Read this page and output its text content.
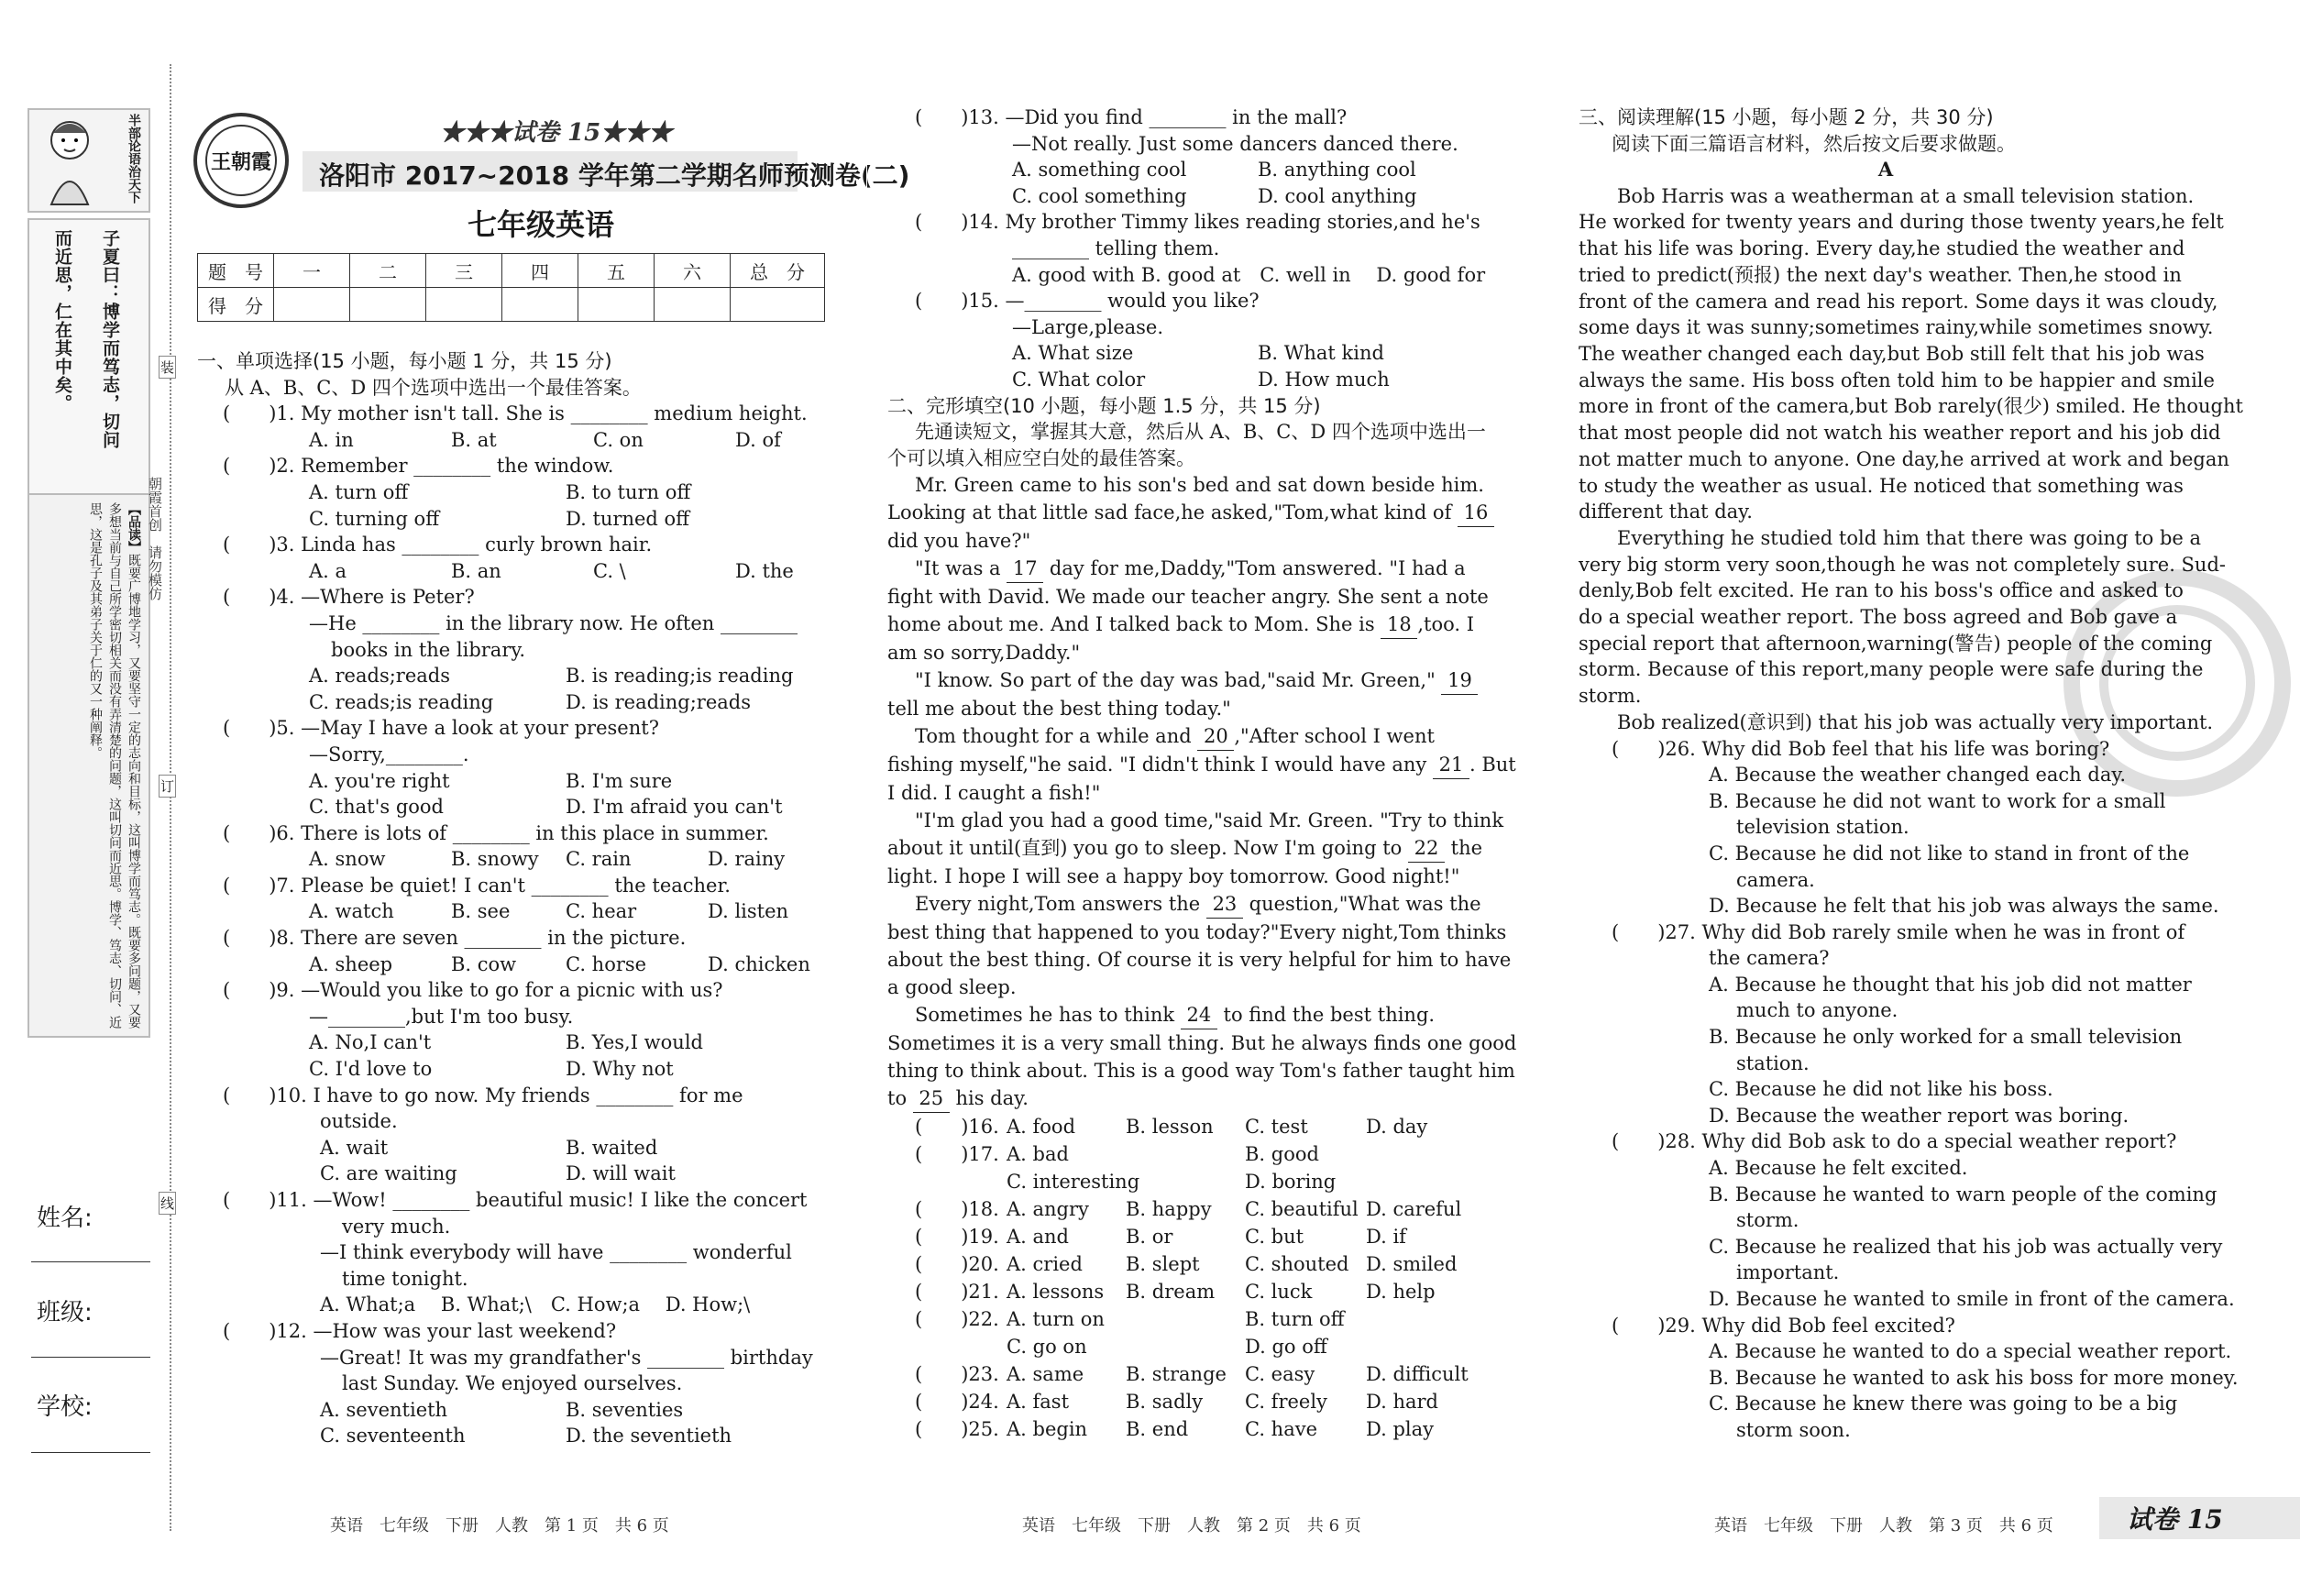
半部论语治天下
子夏曰：博学而笃志，切问
而近思，仁在其中矣。
【品读】既要广博地学习，又要坚守一定的志向和目标，这叫博学而笃志。既要多问题，又要多想当前与自己所学密切相关而没有弄清楚的问题，这叫切问而近思。博学、笃志、切问、近思，这是孔子及其弟子关于仁的又一种阐释。
姓名:
班级:
学校:
装
订
线
朝霞首创　请勿模仿
王朝霞
★★★试卷 15★★★
洛阳市 2017~2018 学年第二学期名师预测卷(二)
七年级英语
题　号	一	二	三	四	五	六	总　分
得　分							
一、单项选择(15 小题，每小题 1 分，共 15 分)
从 A、B、C、D 四个选项中选出一个最佳答案。
(　　)1. My mother isn't tall. She is ________ medium height.
A. in	B. at	C. on	D. of
(　　)2. Remember ________ the window.
A. turn off	B. to turn off
C. turning off	D. turned off
(　　)3. Linda has ________ curly brown hair.
A. a	B. an	C. \	D. the
(　　)4. —Where is Peter?
—He ________ in the library now. He often ________
books in the library.
A. reads;reads	B. is reading;is reading
C. reads;is reading	D. is reading;reads
(　　)5. —May I have a look at your present?
—Sorry,________.
A. you're right	B. I'm sure
C. that's good	D. I'm afraid you can't
(　　)6. There is lots of ________ in this place in summer.
A. snow	B. snowy	C. rain	D. rainy
(　　)7. Please be quiet! I can't ________ the teacher.
A. watch	B. see	C. hear	D. listen
(　　)8. There are seven ________ in the picture.
A. sheep	B. cow	C. horse	D. chicken
(　　)9. —Would you like to go for a picnic with us?
—________,but I'm too busy.
A. No,I can't	B. Yes,I would
C. I'd love to	D. Why not
(　　)10. I have to go now. My friends ________ for me
outside.
A. wait	B. waited
C. are waiting	D. will wait
(　　)11. —Wow! ________ beautiful music! I like the concert
very much.
—I think everybody will have ________ wonderful
time tonight.
A. What;a　 B. What;\　C. How;a　 D. How;\
(　　)12. —How was your last weekend?
—Great! It was my grandfather's ________ birthday
last Sunday. We enjoyed ourselves.
A. seventieth	B. seventies
C. seventeenth	D. the seventieth
(　　)13. —Did you find ________ in the mall?
—Not really. Just some dancers danced there.
A. something cool	B. anything cool
C. cool something	D. cool anything
(　　)14. My brother Timmy likes reading stories,and he's
________ telling them.
A. good with B. good at　C. well in　 D. good for
(　　)15. —________ would you like?
—Large,please.
A. What size	B. What kind
C. What color	D. How much
二、完形填空(10 小题，每小题 1.5 分，共 15 分)
先通读短文，掌握其大意，然后从 A、B、C、D 四个选项中选出一
个可以填入相应空白处的最佳答案。
Mr. Green came to his son's bed and sat down beside him.
Looking at that little sad face,he asked,"Tom,what kind of 16
did you have?"
"It was a 17 day for me,Daddy,"Tom answered. "I had a
fight with David. We made our teacher angry. She sent a note
home about me. And I talked back to Mom. She is 18 ,too. I
am so sorry,Daddy."
"I know. So part of the day was bad,"said Mr. Green," 19
tell me about the best thing today."
Tom thought for a while and 20 ,"After school I went
fishing myself,"he said. "I didn't think I would have any 21 . But
I did. I caught a fish!"
"I'm glad you had a good time,"said Mr. Green. "Try to think
about it until(直到) you go to sleep. Now I'm going to 22 the
light. I hope I will see a happy boy tomorrow. Good night!"
Every night,Tom answers the 23 question,"What was the
best thing that happened to you today?"Every night,Tom thinks
about the best thing. Of course it is very helpful for him to have
a good sleep.
Sometimes he has to think 24 to find the best thing.
Sometimes it is a very small thing. But he always finds one good
thing to think about. This is a good way Tom's father taught him
to 25 his day.
(　　)16. A. food	B. lesson	C. test	D. day
(　　)17. A. bad	B. good
C. interesting	D. boring
(　　)18. A. angry	B. happy	C. beautiful D. careful
(　　)19. A. and	B. or	C. but	D. if
(　　)20. A. cried	B. slept	C. shouted D. smiled
(　　)21. A. lessons	B. dream	C. luck	D. help
(　　)22. A. turn on	B. turn off
C. go on	D. go off
(　　)23. A. same	B. strange C. easy	D. difficult
(　　)24. A. fast	B. sadly	C. freely	D. hard
(　　)25. A. begin	B. end	C. have	D. play
三、阅读理解(15 小题，每小题 2 分，共 30 分)
阅读下面三篇语言材料，然后按文后要求做题。
A
　　Bob Harris was a weatherman at a small television station.
He worked for twenty years and during those twenty years,he felt
that his life was boring. Every day,he studied the weather and
tried to predict(预报) the next day's weather. Then,he stood in
front of the camera and read his report. Some days it was cloudy,
some days it was sunny;sometimes rainy,while sometimes snowy.
The weather changed each day,but Bob still felt that his job was
always the same. His boss often told him to be happier and smile
more in front of the camera,but Bob rarely(很少) smiled. He thought
that most people did not watch his weather report and his job did
not matter much to anyone. One day,he arrived at work and began
to study the weather as usual. He noticed that something was
different that day.
　　Everything he studied told him that there was going to be a
very big storm very soon,though he was not completely sure. Sud-
denly,Bob felt excited. He ran to his boss's office and asked to
do a special weather report. The boss agreed and Bob gave a
special report that afternoon,warning(警告) people of the coming
storm. Because of this report,many people were safe during the
storm.
　　Bob realized(意识到) that his job was actually very important.
(　　)26. Why did Bob feel that his life was boring?
A. Because the weather changed each day.
B. Because he did not want to work for a small
television station.
C. Because he did not like to stand in front of the
camera.
D. Because he felt that his job was always the same.
(　　)27. Why did Bob rarely smile when he was in front of
the camera?
A. Because he thought that his job did not matter
much to anyone.
B. Because he only worked for a small television
station.
C. Because he did not like his boss.
D. Because the weather report was boring.
(　　)28. Why did Bob ask to do a special weather report?
A. Because he felt excited.
B. Because he wanted to warn people of the coming
storm.
C. Because he realized that his job was actually very
important.
D. Because he wanted to smile in front of the camera.
(　　)29. Why did Bob feel excited?
A. Because he wanted to do a special weather report.
B. Because he wanted to ask his boss for more money.
C. Because he knew there was going to be a big
storm soon.
英语　七年级　下册　人教　第 1 页　共 6 页	英语　七年级　下册　人教　第 2 页　共 6 页	英语　七年级　下册　人教　第 3 页　共 6 页	试卷 15
